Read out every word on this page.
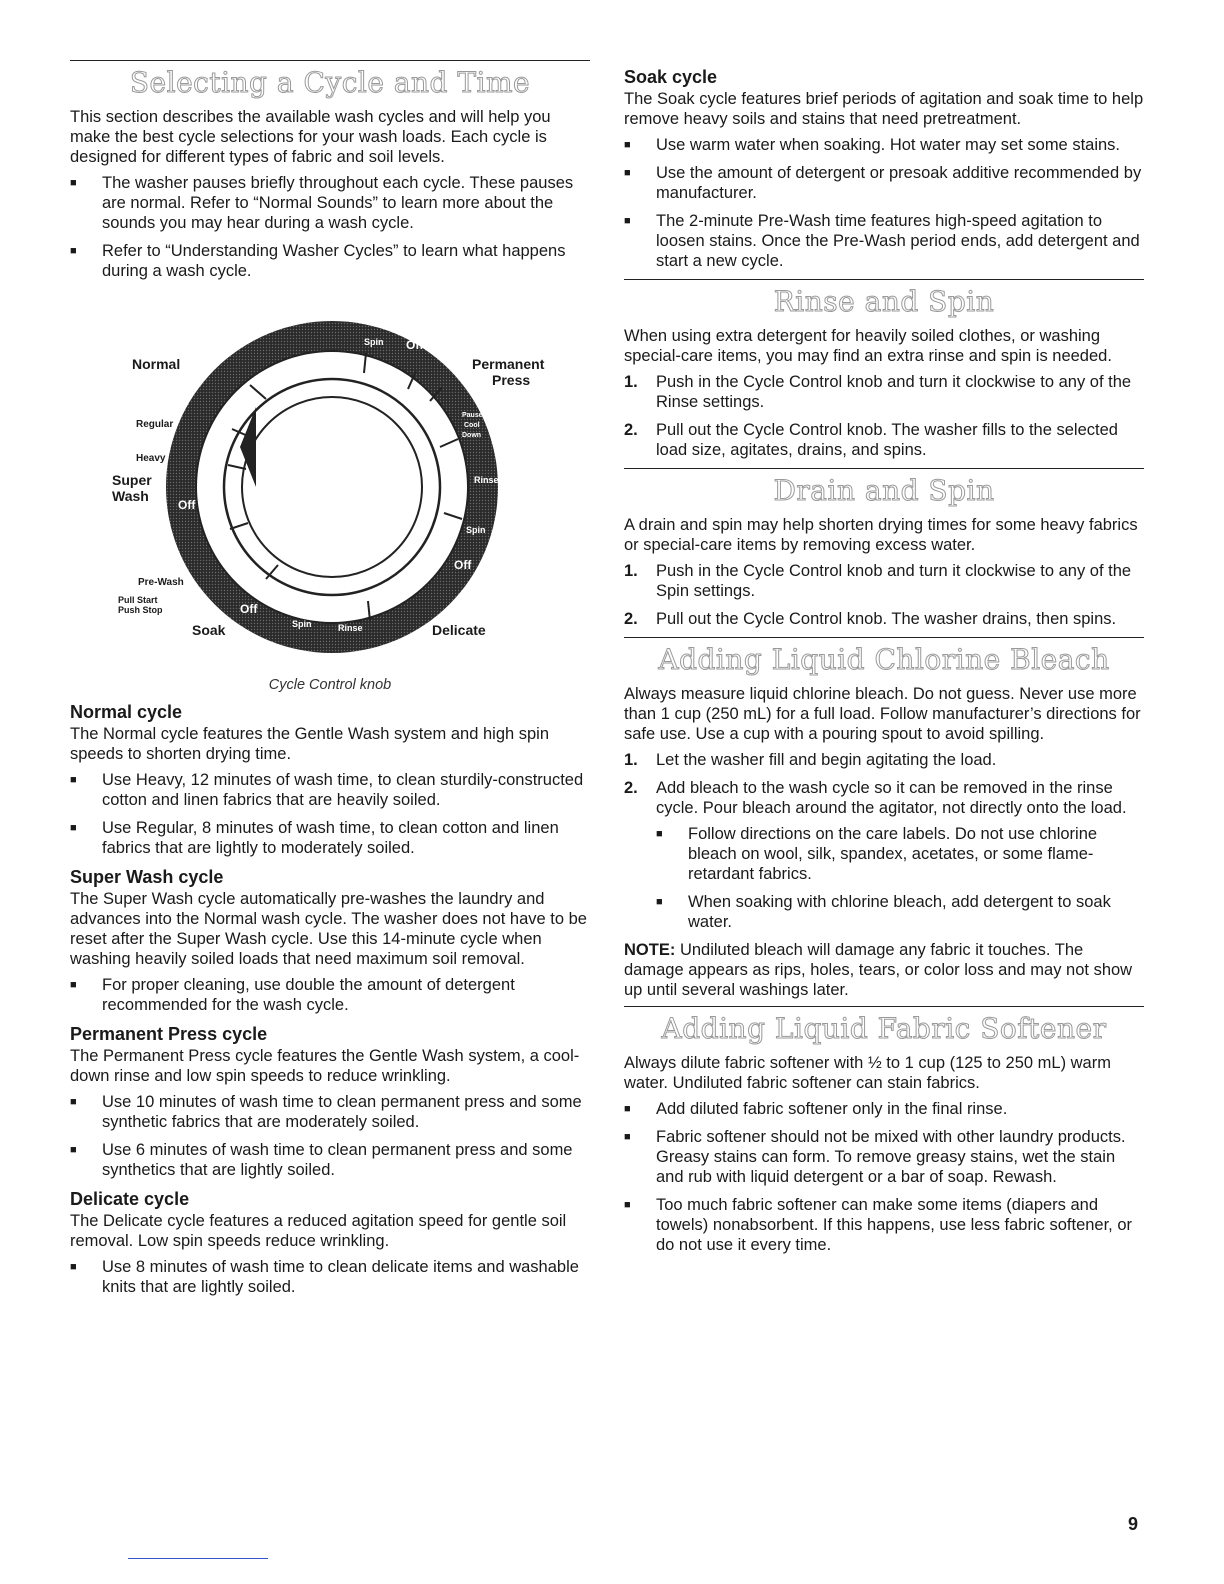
Selecting a Cycle and Time

This section describes the available wash cycles and will help you make the best cycle selections for your wash loads. Each cycle is designed for different types of fabric and soil levels.

■ The washer pauses briefly throughout each cycle. These pauses are normal. Refer to “Normal Sounds” to learn more about the sounds you may hear during a wash cycle.
■ Refer to “Understanding Washer Cycles” to learn what happens during a wash cycle.
Rinse
Spin Off
Pause
Cool
Down
Rinse
Spin
Off
Off
Off
Spin	Rinse
Normal	Permanent
Press
Regular
Heavy
Super
Wash
Pre-Wash
Pull Start
Push Stop
Soak	Delicate
Cycle Control knob
Normal cycle

The Normal cycle features the Gentle Wash system and high spin speeds to shorten drying time.

■ Use Heavy, 12 minutes of wash time, to clean sturdily-constructed cotton and linen fabrics that are heavily soiled.
■ Use Regular, 8 minutes of wash time, to clean cotton and linen fabrics that are lightly to moderately soiled.
Super Wash cycle

The Super Wash cycle automatically pre-washes the laundry and advances into the Normal wash cycle. The washer does not have to be reset after the Super Wash cycle. Use this 14-minute cycle when washing heavily soiled loads that need maximum soil removal.

■ For proper cleaning, use double the amount of detergent recommended for the wash cycle.
Permanent Press cycle

The Permanent Press cycle features the Gentle Wash system, a cool-down rinse and low spin speeds to reduce wrinkling.

■ Use 10 minutes of wash time to clean permanent press and some synthetic fabrics that are moderately soiled.
■ Use 6 minutes of wash time to clean permanent press and some synthetics that are lightly soiled.
Delicate cycle

The Delicate cycle features a reduced agitation speed for gentle soil removal. Low spin speeds reduce wrinkling.

■ Use 8 minutes of wash time to clean delicate items and washable knits that are lightly soiled.
Soak cycle

The Soak cycle features brief periods of agitation and soak time to help remove heavy soils and stains that need pretreatment.

■ Use warm water when soaking. Hot water may set some stains.
■ Use the amount of detergent or presoak additive recommended by manufacturer.
■ The 2-minute Pre-Wash time features high-speed agitation to loosen stains. Once the Pre-Wash period ends, add detergent and start a new cycle.
Rinse and Spin

When using extra detergent for heavily soiled clothes, or washing special-care items, you may find an extra rinse and spin is needed.

1. Push in the Cycle Control knob and turn it clockwise to any of the Rinse settings.
2. Pull out the Cycle Control knob. The washer fills to the selected load size, agitates, drains, and spins.
Drain and Spin

A drain and spin may help shorten drying times for some heavy fabrics or special-care items by removing excess water.

1. Push in the Cycle Control knob and turn it clockwise to any of the Spin settings.
2. Pull out the Cycle Control knob. The washer drains, then spins.
Adding Liquid Chlorine Bleach

Always measure liquid chlorine bleach. Do not guess. Never use more than 1 cup (250 mL) for a full load. Follow manufacturer’s directions for safe use. Use a cup with a pouring spout to avoid spilling.

1. Let the washer fill and begin agitating the load.
2. Add bleach to the wash cycle so it can be removed in the rinse cycle. Pour bleach around the agitator, not directly onto the load.
■ Follow directions on the care labels. Do not use chlorine bleach on wool, silk, spandex, acetates, or some flame-retardant fabrics.
■ When soaking with chlorine bleach, add detergent to soak water.

NOTE: Undiluted bleach will damage any fabric it touches. The damage appears as rips, holes, tears, or color loss and may not show up until several washings later.

Adding Liquid Fabric Softener

Always dilute fabric softener with ½ to 1 cup (125 to 250 mL) warm water. Undiluted fabric softener can stain fabrics.

■ Add diluted fabric softener only in the final rinse.
■ Fabric softener should not be mixed with other laundry products. Greasy stains can form. To remove greasy stains, wet the stain and rub with liquid detergent or a bar of soap. Rewash.
■ Too much fabric softener can make some items (diapers and towels) nonabsorbent. If this happens, use less fabric softener, or do not use it every time.
9
